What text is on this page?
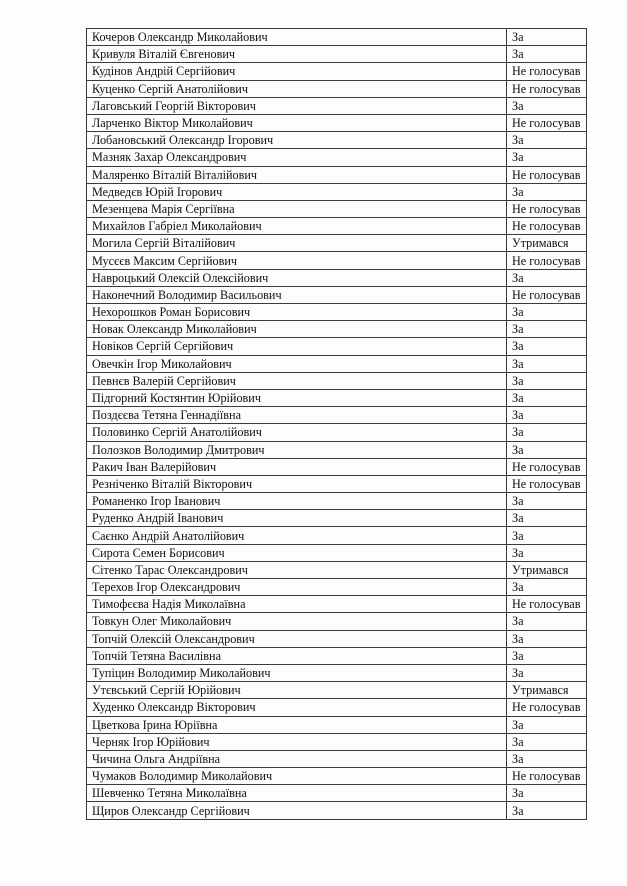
Кочеров Олександр Миколайович	За
Кривуля Віталій Євгенович	За
Кудінов Андрій Сергійович	Не голосував
Куценко Сергій Анатолійович	Не голосував
Лаговський Георгій Вікторович	За
Ларченко Віктор Миколайович	Не голосував
Лобановський Олександр Ігорович	За
Мазняк Захар Олександрович	За
Маляренко Віталій Віталійович	Не голосував
Медведєв Юрій Ігорович	За
Мезенцева Марія Сергіївна	Не голосував
Михайлов Габріел Миколайович	Не голосував
Могила Сергій Віталійович	Утримався
Мусєєв Максим Сергійович	Не голосував
Навроцький Олексій Олексійович	За
Наконечний Володимир Васильович	Не голосував
Нехорошков Роман Борисович	За
Новак Олександр Миколайович	За
Новіков Сергій Сергійович	За
Овечкін Ігор Миколайович	За
Певнєв Валерій Сергійович	За
Підгорний Костянтин Юрійович	За
Поздєєва Тетяна Геннадіївна	За
Половинко Сергій Анатолійович	За
Полозков Володимир Дмитрович	За
Ракич Іван Валерійович	Не голосував
Резніченко Віталій Вікторович	Не голосував
Романенко Ігор Іванович	За
Руденко Андрій Іванович	За
Саєнко Андрій Анатолійович	За
Сирота Семен Борисович	За
Сітенко Тарас Олександрович	Утримався
Терехов Ігор Олександрович	За
Тимофєєва Надія Миколаївна	Не голосував
Товкун Олег Миколайович	За
Топчій Олексій Олександрович	За
Топчій Тетяна Василівна	За
Тупіцин Володимир Миколайович	За
Утєвський Сергій Юрійович	Утримався
Худенко Олександр Вікторович	Не голосував
Цветкова Ірина Юріївна	За
Черняк Ігор Юрійович	За
Чичина Ольга Андріївна	За
Чумаков Володимир Миколайович	Не голосував
Шевченко Тетяна Миколаївна	За
Щиров Олександр Сергійович	За
